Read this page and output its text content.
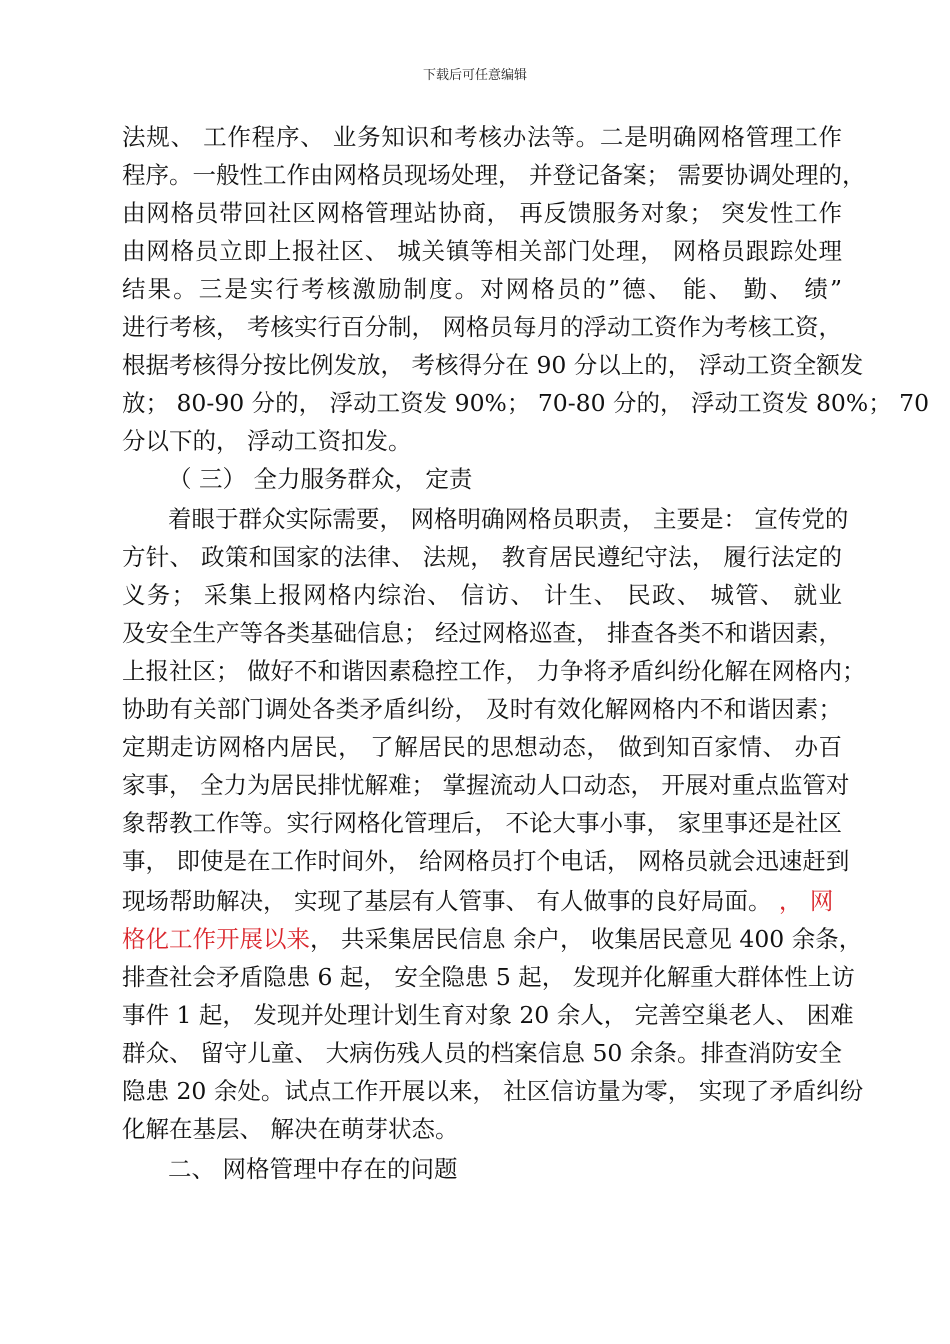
下载后可任意编辑
法规、 工作程序、 业务知识和考核办法等。二是明确网格管理工作
程序。一般性工作由网格员现场处理， 并登记备案； 需要协调处理的，
由网格员带回社区网格管理站协商， 再反馈服务对象； 突发性工作
由网格员立即上报社区、 城关镇等相关部门处理， 网格员跟踪处理
结果。三是实行考核激励制度。对网格员的”德、 能、 勤、 绩”
进行考核， 考核实行百分制， 网格员每月的浮动工资作为考核工资，
根据考核得分按比例发放， 考核得分在 90 分以上的， 浮动工资全额发
放； 80-90 分的， 浮动工资发 90%； 70-80 分的， 浮动工资发 80%； 70
分以下的， 浮动工资扣发。
（ 三） 全力服务群众， 定责
着眼于群众实际需要， 网格明确网格员职责， 主要是： 宣传党的
方针、 政策和国家的法律、 法规， 教育居民遵纪守法， 履行法定的
义务； 采集上报网格内综治、 信访、 计生、 民政、 城管、 就业
及安全生产等各类基础信息； 经过网格巡查， 排查各类不和谐因素，
上报社区； 做好不和谐因素稳控工作， 力争将矛盾纠纷化解在网格内；
协助有关部门调处各类矛盾纠纷， 及时有效化解网格内不和谐因素；
定期走访网格内居民， 了解居民的思想动态， 做到知百家情、 办百
家事， 全力为居民排忧解难； 掌握流动人口动态， 开展对重点监管对
象帮教工作等。实行网格化管理后， 不论大事小事， 家里事还是社区
事， 即使是在工作时间外， 给网格员打个电话， 网格员就会迅速赶到
现场帮助解决， 实现了基层有人管事、 有人做事的良好局面。 ， 网
格化工作开展以来， 共采集居民信息 余户， 收集居民意见 400 余条，
排查社会矛盾隐患 6 起， 安全隐患 5 起， 发现并化解重大群体性上访
事件 1 起， 发现并处理计划生育对象 20 余人， 完善空巢老人、 困难
群众、 留守儿童、 大病伤残人员的档案信息 50 余条。排查消防安全
隐患 20 余处。试点工作开展以来， 社区信访量为零， 实现了矛盾纠纷
化解在基层、 解决在萌芽状态。
二、 网格管理中存在的问题
